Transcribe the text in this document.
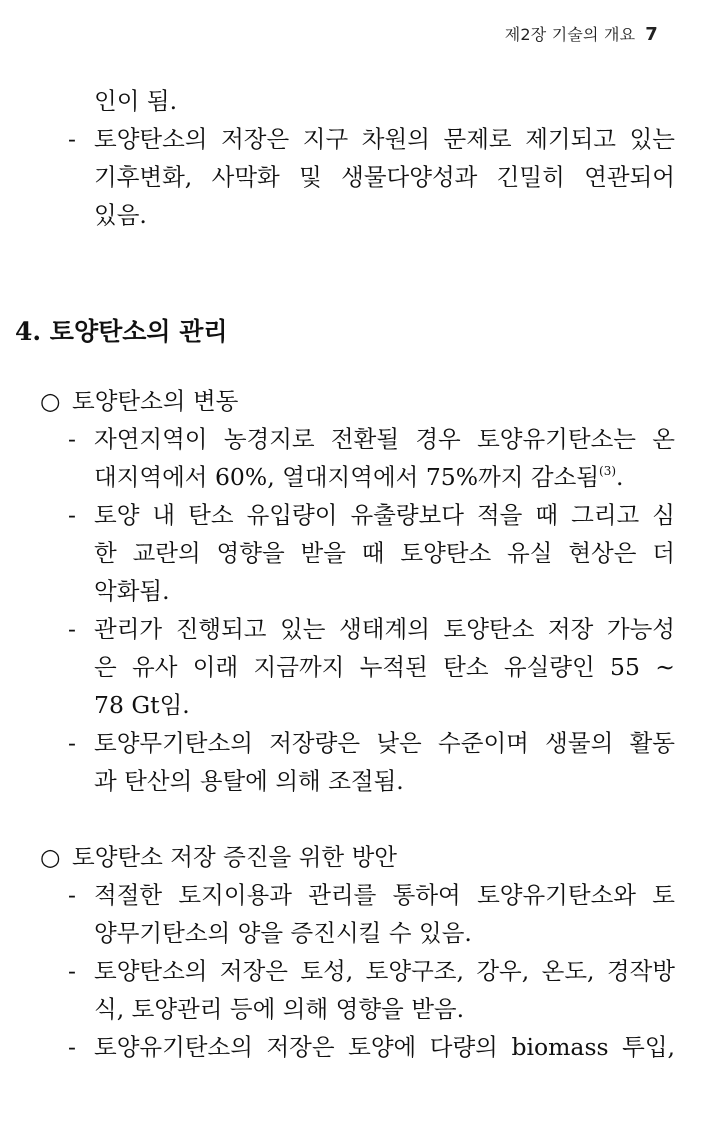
제2장 기술의 개요 7
인이 됨.
- 토양탄소의 저장은 지구 차원의 문제로 제기되고 있는
기후변화, 사막화 및 생물다양성과 긴밀히 연관되어
있음.
4. 토양탄소의 관리
○ 토양탄소의 변동
- 자연지역이 농경지로 전환될 경우 토양유기탄소는 온
대지역에서 60%, 열대지역에서 75%까지 감소됨$^{(3)}$.
- 토양 내 탄소 유입량이 유출량보다 적을 때 그리고 심
한 교란의 영향을 받을 때 토양탄소 유실 현상은 더
악화됨.
- 관리가 진행되고 있는 생태계의 토양탄소 저장 가능성
은 유사 이래 지금까지 누적된 탄소 유실량인 55 ∼
78 Gt임.
- 토양무기탄소의 저장량은 낮은 수준이며 생물의 활동
과 탄산의 용탈에 의해 조절됨.
○ 토양탄소 저장 증진을 위한 방안
- 적절한 토지이용과 관리를 통하여 토양유기탄소와 토
양무기탄소의 양을 증진시킬 수 있음.
- 토양탄소의 저장은 토성, 토양구조, 강우, 온도, 경작방
식, 토양관리 등에 의해 영향을 받음.
- 토양유기탄소의 저장은 토양에 다량의 biomass 투입,
